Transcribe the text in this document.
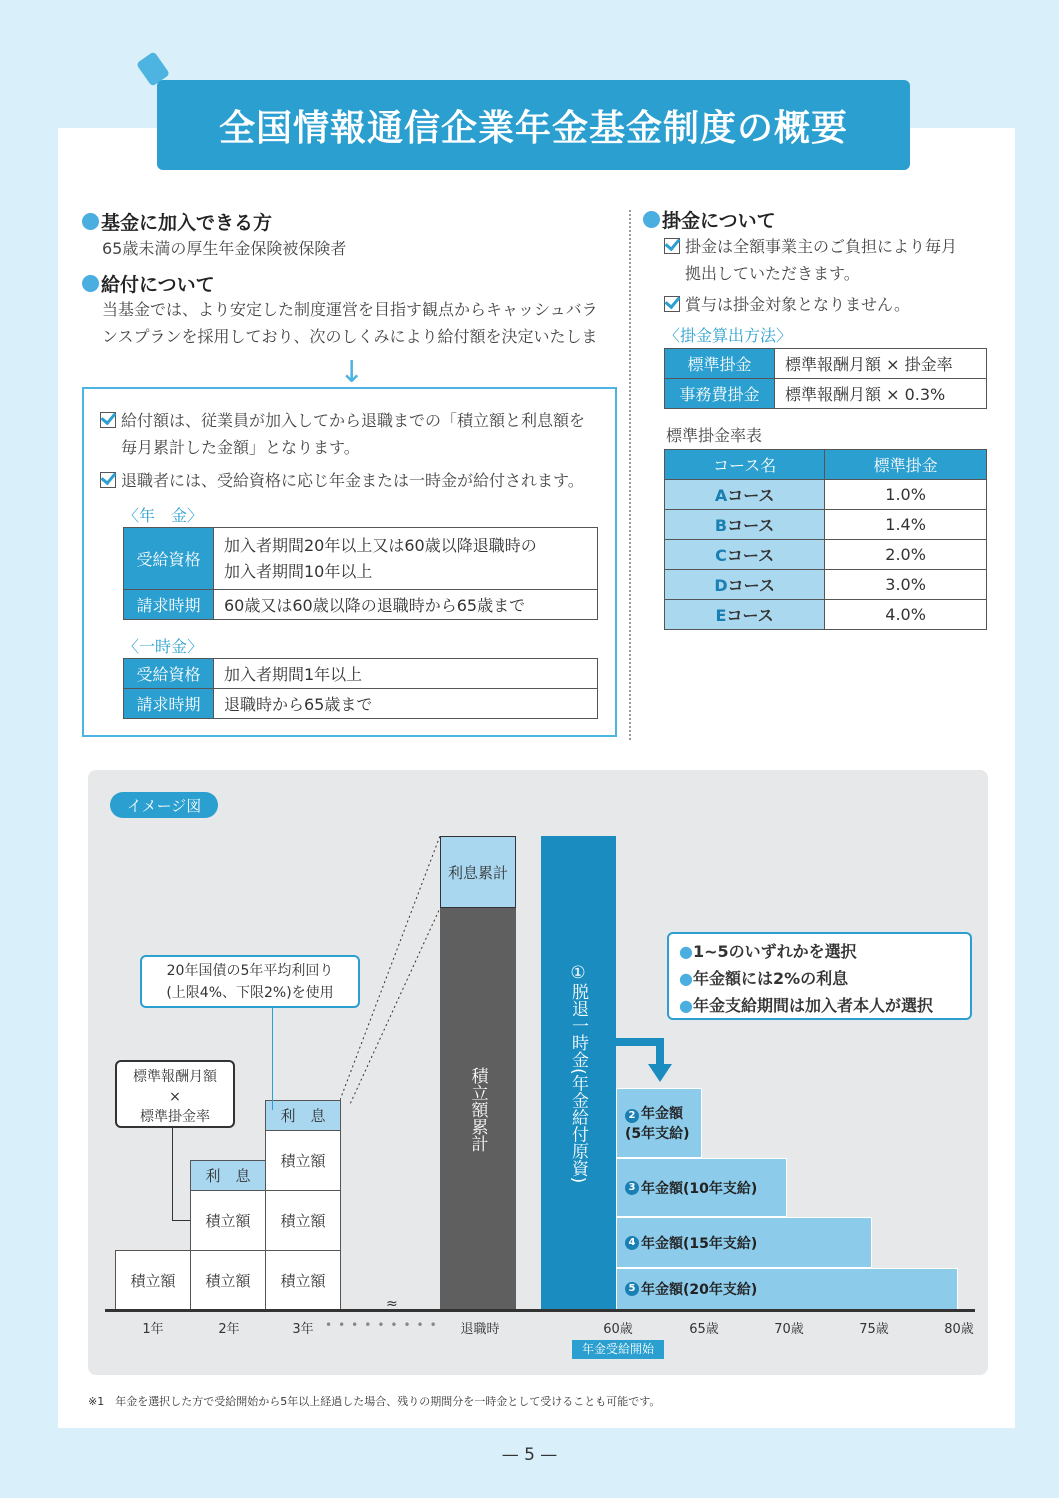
全国情報通信企業年金基金制度の概要
基金に加入できる方
65歳未満の厚生年金保険被保険者
給付について
当基金では、より安定した制度運営を目指す観点からキャッシュバラ
ンスプランを採用しており、次のしくみにより給付額を決定いたしま
↓
給付額は、従業員が加入してから退職までの「積立額と利息額を
毎月累計した金額」となります。
退職者には、受給資格に応じ年金または一時金が給付されます。
〈年　金〉
受給資格	加入者期間20年以上又は60歳以降退職時の
加入者期間10年以上

請求時期	60歳又は60歳以降の退職時から65歳まで
〈一時金〉
受給資格	加入者期間1年以上
請求時期	退職時から65歳まで
掛金について
掛金は全額事業主のご負担により毎月
拠出していただきます。
賞与は掛金対象となりません。
〈掛金算出方法〉
標準掛金	標準報酬月額 × 掛金率
事務費掛金	標準報酬月額 × 0.3%
標準掛金率表
コース名	標準掛金
Aコース	1.0%
Bコース	1.4%
Cコース	2.0%
Dコース	3.0%
Eコース	4.0%
イメージ図
積立額	積立額
積立額
利　息
積立額
積立額
積立額
利　息
標準報酬月額
×
標準掛金率
20年国債の5年平均利回り
(上限4%、下限2%)を使用
利息累計
積立額累計	①脱退一時金(年金給付原資)	2 年金額
(5年支給)
3 年金額(10年支給)
4 年金額(15年支給)
5 年金額(20年支給)
●1~5のいずれかを選択
●年金額には2%の利息
●年金支給期間は加入者本人が選択
≈
1年	2年	3年 ••••••••• 退職時	60歳	65歳	70歳	75歳	80歳
年金受給開始
※1　年金を選択した方で受給開始から5年以上経過した場合、残りの期間分を一時金として受けることも可能です。
— 5 —
